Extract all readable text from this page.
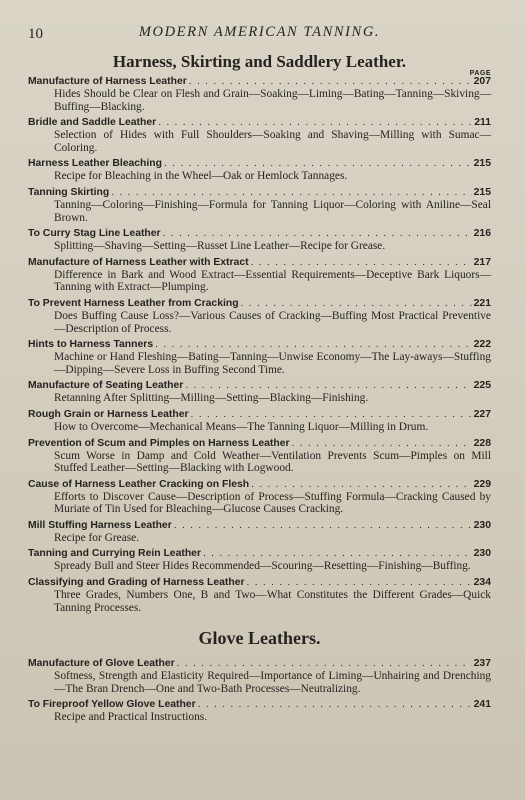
10	MODERN AMERICAN TANNING.
Harness, Skirting and Saddlery Leather.
PAGE
Manufacture of Harness Leather . . .	207
Hides Should be Clear on Flesh and Grain—Soaking—Liming—Bating—Tanning—Skiving—Buffing—Blacking.
Bridle and Saddle Leather . . .	211
Selection of Hides with Full Shoulders—Soaking and Shaving—Milling with Sumac—Coloring.
Harness Leather Bleaching . . .	215
Recipe for Bleaching in the Wheel—Oak or Hemlock Tannages.
Tanning Skirting . . .	215
Tanning—Coloring—Finishing—Formula for Tanning Liquor—Coloring with Aniline—Seal Brown.
To Curry Stag Line Leather . . .	216
Splitting—Shaving—Setting—Russet Line Leather—Recipe for Grease.
Manufacture of Harness Leather with Extract . . .	217
Difference in Bark and Wood Extract—Essential Requirements—Deceptive Bark Liquors—Tanning with Extract—Plumping.
To Prevent Harness Leather from Cracking . . .	221
Does Buffing Cause Loss?—Various Causes of Cracking—Buffing Most Practical Preventive—Description of Process.
Hints to Harness Tanners . . .	222
Machine or Hand Fleshing—Bating—Tanning—Unwise Economy—The Lay-aways—Stuffing—Dipping—Severe Loss in Buffing Second Time.
Manufacture of Seating Leather . . .	225
Retanning After Splitting—Milling—Setting—Blacking—Finishing.
Rough Grain or Harness Leather . . .	227
How to Overcome—Mechanical Means—The Tanning Liquor—Milling in Drum.
Prevention of Scum and Pimples on Harness Leather . . .	228
Scum Worse in Damp and Cold Weather—Ventilation Prevents Scum—Pimples on Mill Stuffed Leather—Setting—Blacking with Logwood.
Cause of Harness Leather Cracking on Flesh . . .	229
Efforts to Discover Cause—Description of Process—Stuffing Formula—Cracking Caused by Muriate of Tin Used for Bleaching—Glucose Causes Cracking.
Mill Stuffing Harness Leather . . .	230
Recipe for Grease.
Tanning and Currying Rein Leather . . .	230
Spready Bull and Steer Hides Recommended—Scouring—Resetting—Finishing—Buffing.
Classifying and Grading of Harness Leather . . .	234
Three Grades, Numbers One, B and Two—What Constitutes the Different Grades—Quick Tanning Processes.
Glove Leathers.
Manufacture of Glove Leather . . .	237
Softness, Strength and Elasticity Required—Importance of Liming—Unhairing and Drenching—The Bran Drench—One and Two-Bath Processes—Neutralizing.
To Fireproof Yellow Glove Leather . . .	241
Recipe and Practical Instructions.
